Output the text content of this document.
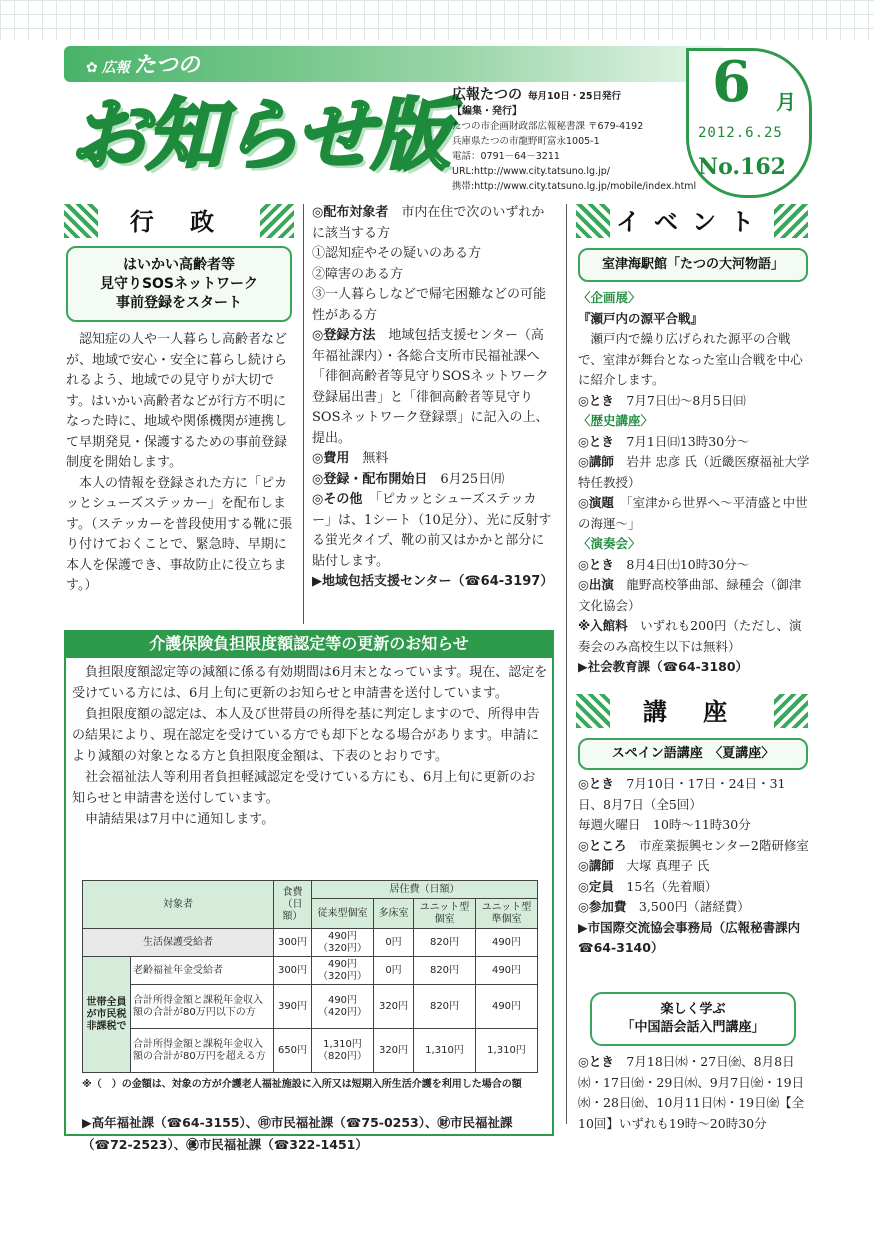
✿ 広報 たつの
お知らせ版 広報たつの 毎月10日・25日発行
【編集・発行】
たつの市企画財政部広報秘書課 〒679-4192
兵庫県たつの市龍野町富永1005-1
電話：0791－64－3211
URL:http://www.city.tatsuno.lg.jp/
携帯:http://www.city.tatsuno.lg.jp/mobile/index.html
6 月
2012.6.25
No.162
行 政
はいかい高齢者等
見守りSOSネットワーク
事前登録をスタート

認知症の人や一人暮らし高齢者などが、地域で安心・安全に暮らし続けられるよう、地域での見守りが大切です。はいかい高齢者などが行方不明になった時に、地域や関係機関が連携して早期発見・保護するための事前登録制度を開始します。

本人の情報を登録された方に「ピカッとシューズステッカー」を配布します。（ステッカーを普段使用する靴に張り付けておくことで、緊急時、早期に本人を保護でき、事故防止に役立ちます。）

◎配布対象者　市内在住で次のいずれかに該当する方

①認知症やその疑いのある方

②障害のある方

③一人暮らしなどで帰宅困難などの可能性がある方

◎登録方法　地域包括支援センター（高年福祉課内）・各総合支所市民福祉課へ「徘徊高齢者等見守りSOSネットワーク登録届出書」と「徘徊高齢者等見守りSOSネットワーク登録票」に記入の上、提出。

◎費用　無料

◎登録・配布開始日　6月25日㈪

◎その他　「ピカッとシューズステッカー」は、1シート（10足分）、光に反射する蛍光タイプ、靴の前又はかかと部分に貼付します。

▶地域包括支援センター（☎64-3197）

介護保険負担限度額認定等の更新のお知らせ

負担限度額認定等の減額に係る有効期間は6月末となっています。現在、認定を受けている方には、6月上旬に更新のお知らせと申請書を送付しています。

負担限度額の認定は、本人及び世帯員の所得を基に判定しますので、所得申告の結果により、現在認定を受けている方でも却下となる場合があります。申請により減額の対象となる方と負担限度金額は、下表のとおりです。

社会福祉法人等利用者負担軽減認定を受けている方にも、6月上旬に更新のお知らせと申請書を送付しています。

申請結果は7月中に通知します。

対象者		食費（日額）	居住費（日額）			
			従来型個室	多床室	ユニット型個室	ユニット型準個室
生活保護受給者		300円	490円（320円）	0円	820円	490円
世帯全員が市民税非課税で	老齢福祉年金受給者	300円	490円（320円）	0円	820円	490円
	合計所得金額と課税年金収入額の合計が80万円以下の方	390円	490円（420円）	320円	820円	490円
	合計所得金額と課税年金収入額の合計が80万円を超える方	650円	1,310円（820円）	320円	1,310円	1,310円
※（　）の金額は、対象の方が介護老人福祉施設に入所又は短期入所生活介護を利用した場合の額
▶高年福祉課（☎64-3155）、㊞市民福祉課（☎75-0253）、㊖市民福祉課（☎72-2523）、㊝市民福祉課（☎322-1451）
イベント
室津海駅館「たつの大河物語」

〈企画展〉

『瀬戸内の源平合戦』

瀬戸内で繰り広げられた源平の合戦で、室津が舞台となった室山合戦を中心に紹介します。

◎とき　7月7日㈯～8月5日㈰

〈歴史講座〉

◎とき　7月1日㈰13時30分～

◎講師　岩井 忠彦 氏（近畿医療福祉大学特任教授）

◎演題　「室津から世界へ～平清盛と中世の海運～」

〈演奏会〉

◎とき　8月4日㈯10時30分～

◎出演　龍野高校箏曲部、緑種会（御津文化協会）

※入館料　いずれも200円（ただし、演奏会のみ高校生以下は無料）

▶社会教育課（☎64-3180）

講 座
スペイン語講座　〈夏講座〉

◎とき　7月10日・17日・24日・31日、8月7日（全5回）

毎週火曜日　10時～11時30分

◎ところ　市産業振興センター2階研修室

◎講師　大塚 真理子 氏

◎定員　15名（先着順）

◎参加費　3,500円（諸経費）

▶市国際交流協会事務局（広報秘書課内☎64-3140）

楽しく学ぶ
「中国語会話入門講座」

◎とき　7月18日㈬・27日㈮、8月8日㈬・17日㈮・29日㈬、9月7日㈮・19日㈬・28日㈮、10月11日㈭・19日㈮【全10回】いずれも19時～20時30分
